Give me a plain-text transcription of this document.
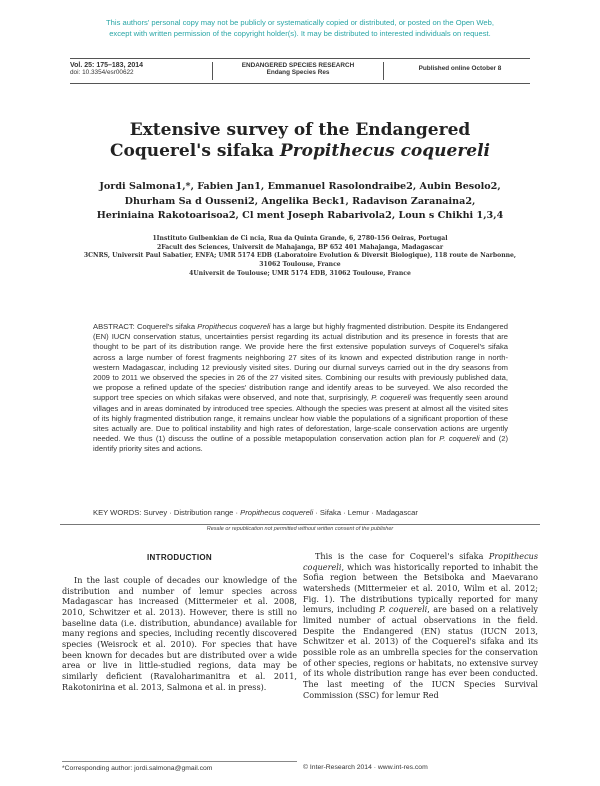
This authors' personal copy may not be publicly or systematically copied or distributed, or posted on the Open Web,
except with written permission of the copyright holder(s). It may be distributed to interested individuals on request.
Vol. 25: 175–183, 2014
doi: 10.3354/esr00622
ENDANGERED SPECIES RESEARCH
Endang Species Res
Published online October 8
Extensive survey of the Endangered
Coquerel's sifaka Propithecus coquereli
Jordi Salmona1,*, Fabien Jan1, Emmanuel Rasolondraibe2, Aubin Besolo2,
Dhurham Sa d Ousseni2, Angelika Beck1, Radavison Zaranaina2,
Heriniaina Rakotoarisoa2, Cl ment Joseph Rabarivola2, Loun s Chikhi 1,3,4
1Instituto Gulbenkian de Ci ncia, Rua da Quinta Grande, 6, 2780-156 Oeiras, Portugal
2Facult des Sciences, Universit de Mahajanga, BP 652 401 Mahajanga, Madagascar
3CNRS, Universit Paul Sabatier, ENFA; UMR 5174 EDB (Laboratoire Evolution & Diversit Biologique), 118 route de Narbonne,
31062 Toulouse, France
4Universit de Toulouse; UMR 5174 EDB, 31062 Toulouse, France
ABSTRACT: Coquerel's sifaka Propithecus coquereli has a large but highly fragmented distribution. Despite its Endangered (EN) IUCN conservation status, uncertainties persist regarding its actual distribution and its presence in forests that are thought to be part of its distribution range. We provide here the first extensive population surveys of Coquerel's sifaka across a large number of forest fragments neighboring 27 sites of its known and expected distribution range in north-western Madagascar, including 12 previously visited sites. During our diurnal surveys carried out in the dry seasons from 2009 to 2011 we observed the species in 26 of the 27 visited sites. Combining our results with previously published data, we propose a refined update of the species' distribution range and identify areas to be surveyed. We also recorded the support tree species on which sifakas were observed, and note that, surprisingly, P. coquereli was frequently seen around villages and in areas dominated by introduced tree species. Although the species was present at almost all the visited sites of its highly fragmented distribution range, it remains unclear how viable the populations of a significant proportion of these sites actually are. Due to political instability and high rates of deforestation, large-scale conservation actions are urgently needed. We thus (1) discuss the outline of a possible metapopulation conservation action plan for P. coquereli and (2) identify priority sites and actions.
KEY WORDS: Survey · Distribution range · Propithecus coquereli · Sifaka · Lemur · Madagascar
Resale or republication not permitted without written consent of the publisher
INTRODUCTION
In the last couple of decades our knowledge of the distribution and number of lemur species across Madagascar has increased (Mittermeier et al. 2008, 2010, Schwitzer et al. 2013). However, there is still no baseline data (i.e. distribution, abundance) available for many regions and species, including recently discovered species (Weisrock et al. 2010). For species that have been known for decades but are distributed over a wide area or live in little-studied regions, data may be similarly deficient (Ravaloharimanitra et al. 2011, Rakotonirina et al. 2013, Salmona et al. in press).
This is the case for Coquerel's sifaka Propithecus coquereli, which was historically reported to inhabit the Sofia region between the Betsiboka and Maevarano watersheds (Mittermeier et al. 2010, Wilm et al. 2012; Fig. 1). The distributions typically reported for many lemurs, including P. coquereli, are based on a relatively limited number of actual observations in the field. Despite the Endangered (EN) status (IUCN 2013, Schwitzer et al. 2013) of the Coquerel's sifaka and its possible role as an umbrella species for the conservation of other species, regions or habitats, no extensive survey of its whole distribution range has ever been conducted. The last meeting of the IUCN Species Survival Commission (SSC) for lemur Red
*Corresponding author: jordi.salmona@gmail.com	© Inter-Research 2014 · www.int-res.com
